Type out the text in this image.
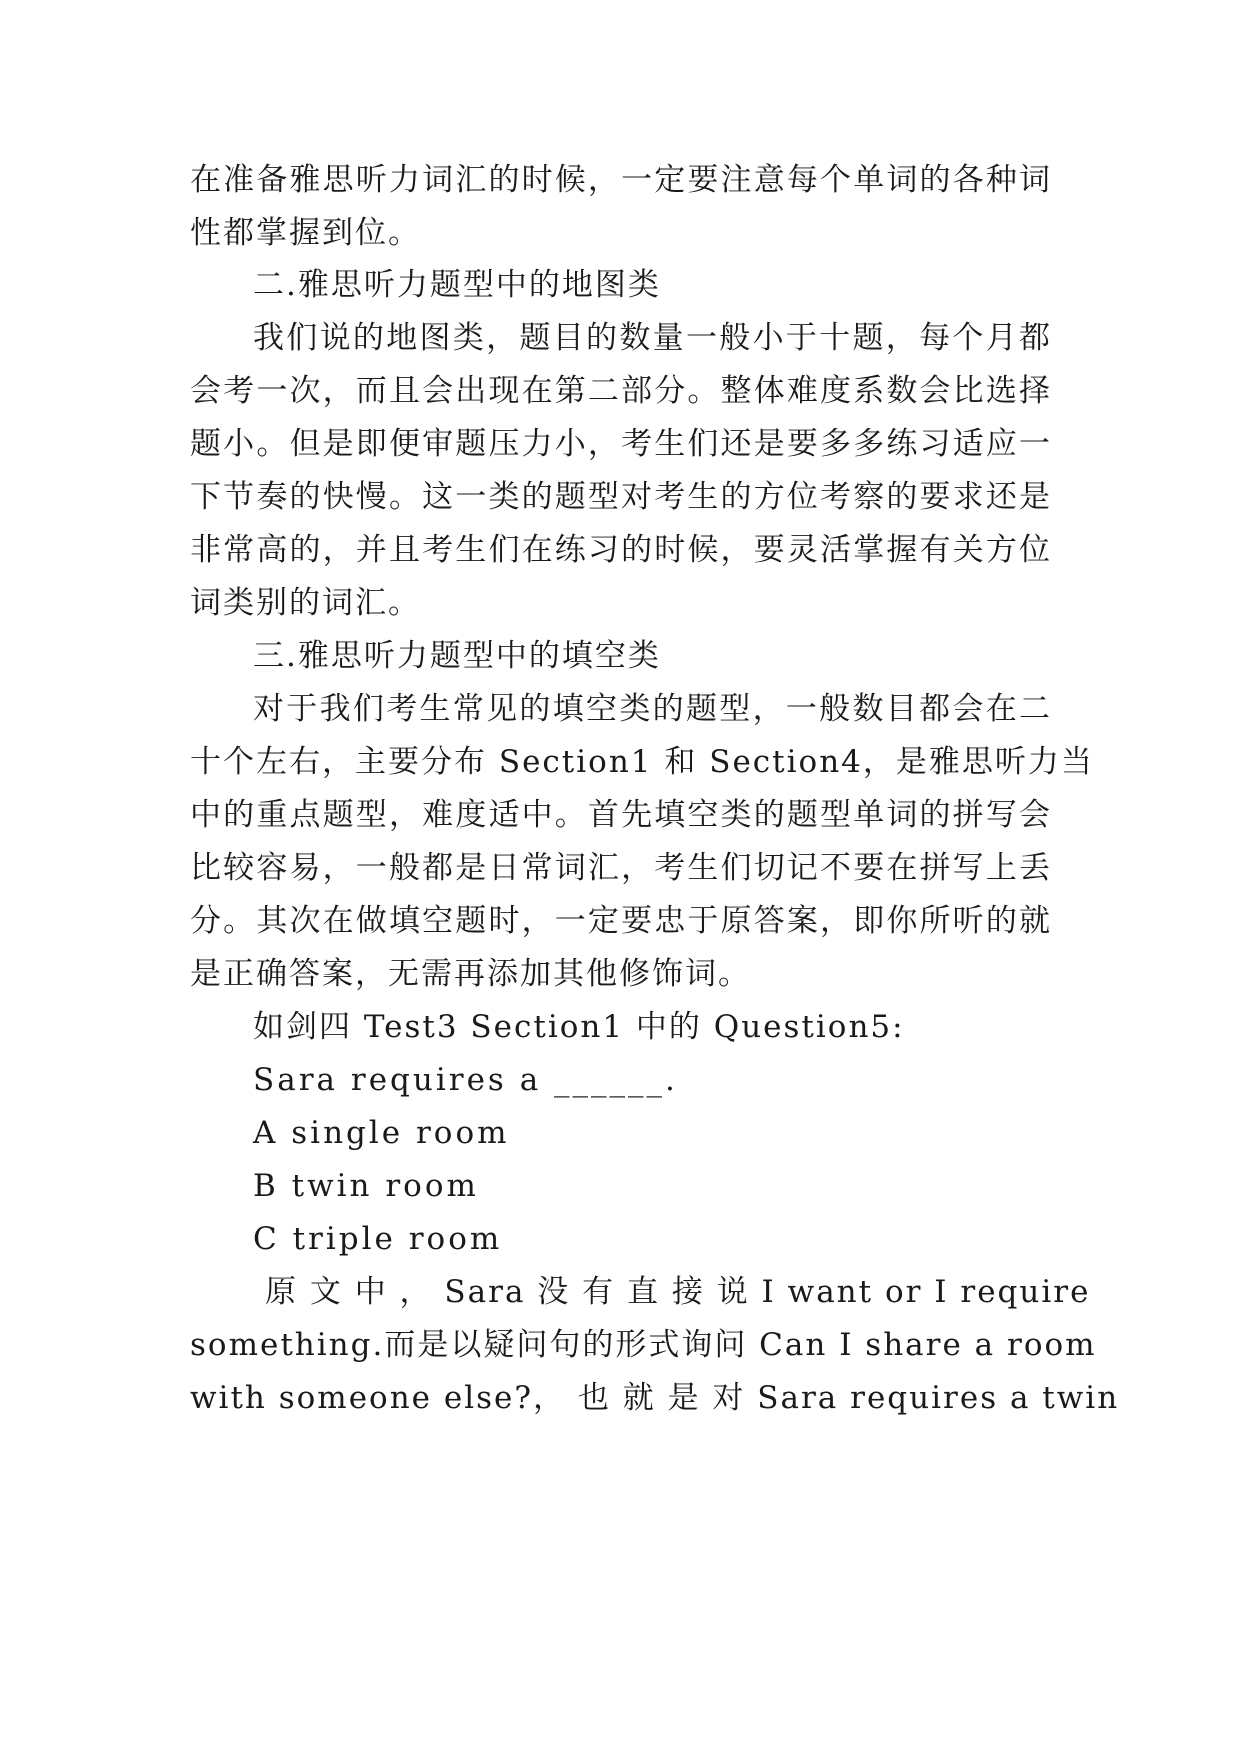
在准备雅思听力词汇的时候，一定要注意每个单词的各种词
性都掌握到位。
二.雅思听力题型中的地图类
我们说的地图类，题目的数量一般小于十题，每个月都
会考一次，而且会出现在第二部分。整体难度系数会比选择
题小。但是即便审题压力小，考生们还是要多多练习适应一
下节奏的快慢。这一类的题型对考生的方位考察的要求还是
非常高的，并且考生们在练习的时候，要灵活掌握有关方位
词类别的词汇。
三.雅思听力题型中的填空类
对于我们考生常见的填空类的题型，一般数目都会在二
十个左右，主要分布 Section1 和 Section4，是雅思听力当
中的重点题型，难度适中。首先填空类的题型单词的拼写会
比较容易，一般都是日常词汇，考生们切记不要在拼写上丢
分。其次在做填空题时，一定要忠于原答案，即你所听的就
是正确答案，无需再添加其他修饰词。
如剑四 Test3 Section1 中的 Question5:
Sara requires a ______.
A single room
B twin room
C triple room
原 文 中 ， Sara 没 有 直 接 说 I want or I require
something.而是以疑问句的形式询问 Can I share a room
with someone else?， 也 就 是 对 Sara requires a twin
